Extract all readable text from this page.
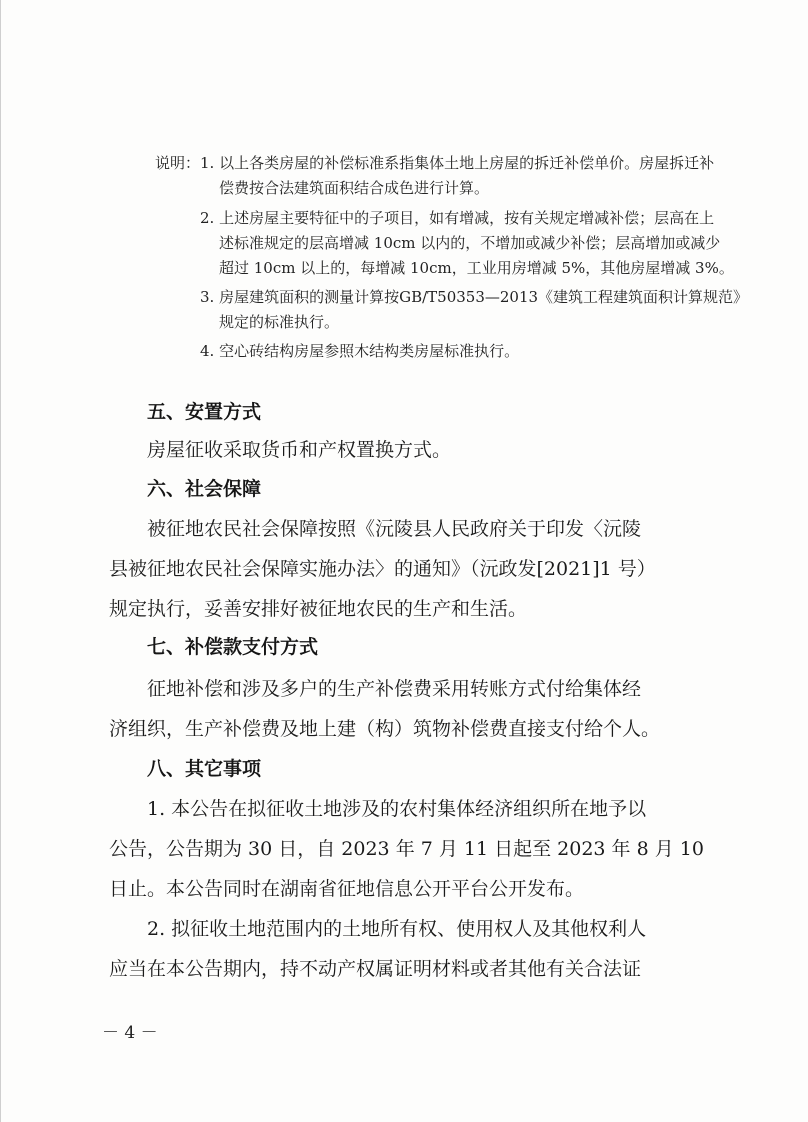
说明： 1. 以上各类房屋的补偿标准系指集体土地上房屋的拆迁补偿单价。房屋拆迁补
偿费按合法建筑面积结合成色进行计算。
2. 上述房屋主要特征中的子项目，如有增减，按有关规定增减补偿；层高在上
述标准规定的层高增减 10cm 以内的，不增加或减少补偿；层高增加或减少
超过 10cm 以上的，每增减 10cm，工业用房增减 5%，其他房屋增减 3%。
3. 房屋建筑面积的测量计算按GB/T50353—2013《建筑工程建筑面积计算规范》
规定的标准执行。
4. 空心砖结构房屋参照木结构类房屋标准执行。
五、安置方式
房屋征收采取货币和产权置换方式。
六、社会保障
被征地农民社会保障按照《沅陵县人民政府关于印发〈沅陵
县被征地农民社会保障实施办法〉的通知》（沅政发[2021]1 号）
规定执行，妥善安排好被征地农民的生产和生活。
七、补偿款支付方式
征地补偿和涉及多户的生产补偿费采用转账方式付给集体经
济组织，生产补偿费及地上建（构）筑物补偿费直接支付给个人。
八、其它事项
1. 本公告在拟征收土地涉及的农村集体经济组织所在地予以
公告，公告期为 30 日，自 2023 年 7 月 11 日起至 2023 年 8 月 10
日止。本公告同时在湖南省征地信息公开平台公开发布。
2. 拟征收土地范围内的土地所有权、使用权人及其他权利人
应当在本公告期内，持不动产权属证明材料或者其他有关合法证
－ 4 －
